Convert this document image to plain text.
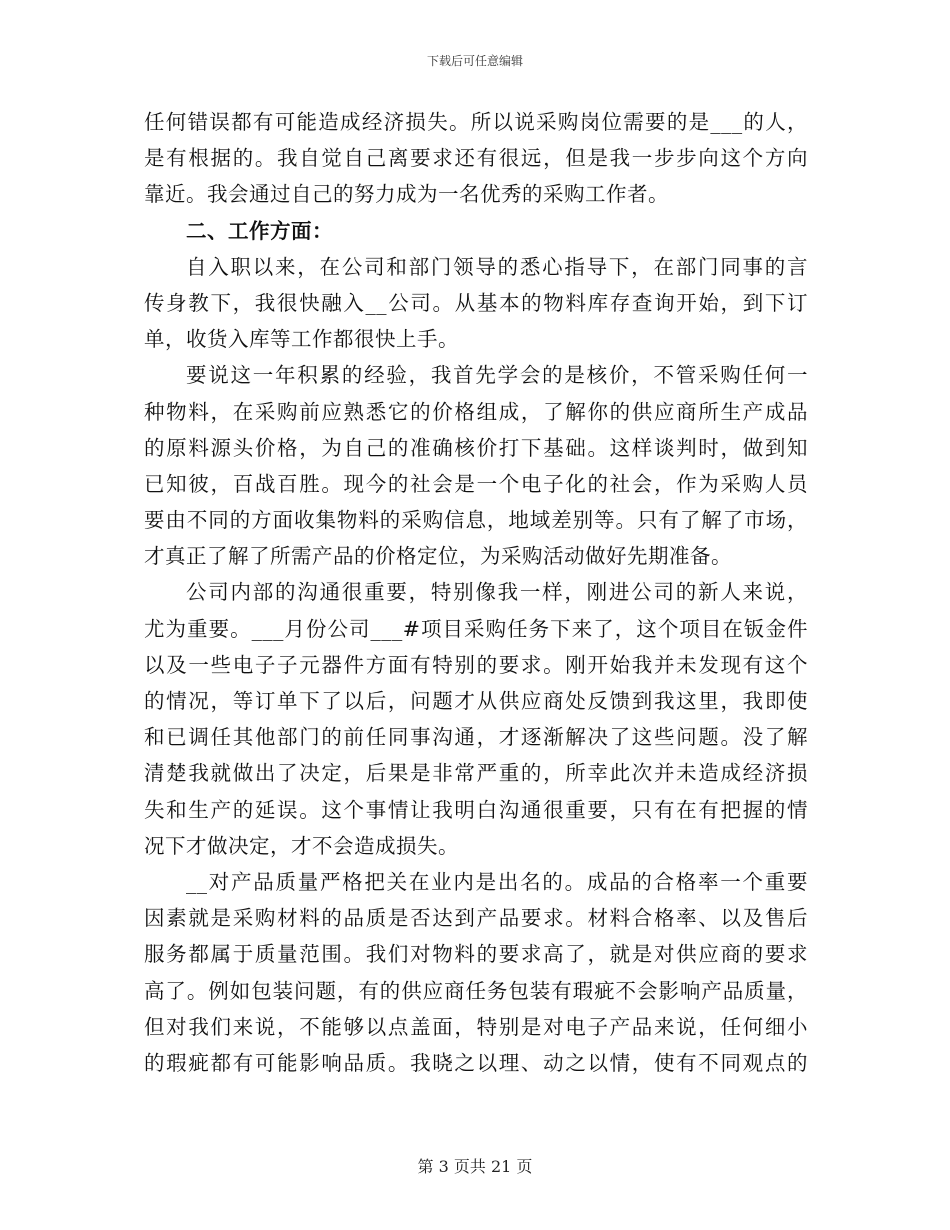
下载后可任意编辑
任何错误都有可能造成经济损失。所以说采购岗位需要的是___的人，
是有根据的。我自觉自己离要求还有很远，但是我一步步向这个方向
靠近。我会通过自己的努力成为一名优秀的采购工作者。
二、工作方面：
自入职以来，在公司和部门领导的悉心指导下，在部门同事的言
传身教下，我很快融入__公司。从基本的物料库存查询开始，到下订
单，收货入库等工作都很快上手。
要说这一年积累的经验，我首先学会的是核价，不管采购任何一
种物料，在采购前应熟悉它的价格组成，了解你的供应商所生产成品
的原料源头价格，为自己的准确核价打下基础。这样谈判时，做到知
已知彼，百战百胜。现今的社会是一个电子化的社会，作为采购人员
要由不同的方面收集物料的采购信息，地域差别等。只有了解了市场，
才真正了解了所需产品的价格定位，为采购活动做好先期准备。
公司内部的沟通很重要，特别像我一样，刚进公司的新人来说，
尤为重要。___月份公司___#项目采购任务下来了，这个项目在钣金件
以及一些电子子元器件方面有特别的要求。刚开始我并未发现有这个
的情况，等订单下了以后，问题才从供应商处反馈到我这里，我即使
和已调任其他部门的前任同事沟通，才逐渐解决了这些问题。没了解
清楚我就做出了决定，后果是非常严重的，所幸此次并未造成经济损
失和生产的延误。这个事情让我明白沟通很重要，只有在有把握的情
况下才做决定，才不会造成损失。
__对产品质量严格把关在业内是出名的。成品的合格率一个重要
因素就是采购材料的品质是否达到产品要求。材料合格率、以及售后
服务都属于质量范围。我们对物料的要求高了，就是对供应商的要求
高了。例如包装问题，有的供应商任务包装有瑕疵不会影响产品质量，
但对我们来说，不能够以点盖面，特别是对电子产品来说，任何细小
的瑕疵都有可能影响品质。我晓之以理、动之以情，使有不同观点的
第 3 页共 21 页
